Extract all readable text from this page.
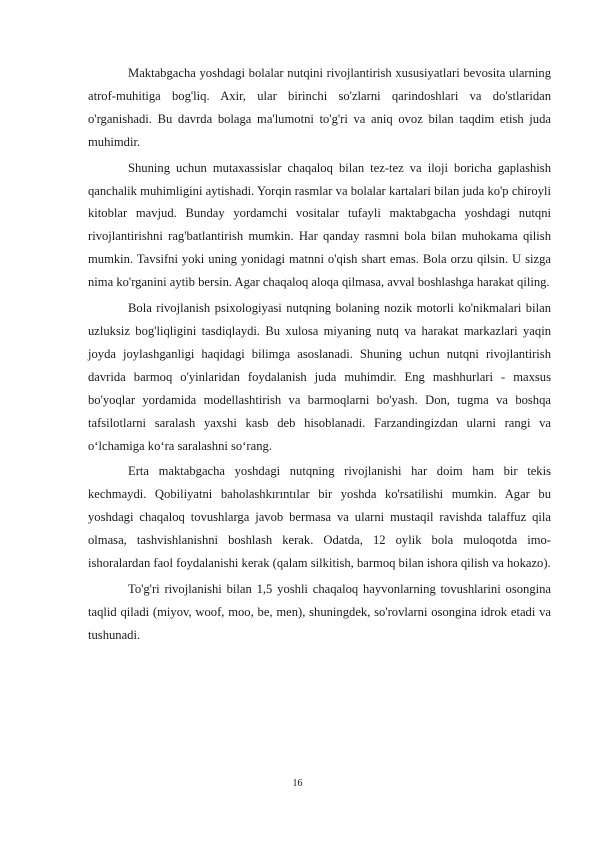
Maktabgacha yoshdagi bolalar nutqini rivojlantirish xususiyatlari bevosita ularning atrof-muhitiga bog'liq. Axir, ular birinchi so'zlarni qarindoshlari va do'stlaridan o'rganishadi. Bu davrda bolaga ma'lumotni to'g'ri va aniq ovoz bilan taqdim etish juda muhimdir.

Shuning uchun mutaxassislar chaqaloq bilan tez-tez va iloji boricha gaplashish qanchalik muhimligini aytishadi. Yorqin rasmlar va bolalar kartalari bilan juda ko'p chiroyli kitoblar mavjud. Bunday yordamchi vositalar tufayli maktabgacha yoshdagi nutqni rivojlantirishni rag'batlantirish mumkin. Har qanday rasmni bola bilan muhokama qilish mumkin. Tavsifni yoki uning yonidagi matnni o'qish shart emas. Bola orzu qilsin. U sizga nima ko'rganini aytib bersin. Agar chaqaloq aloqa qilmasa, avval boshlashga harakat qiling.

Bola rivojlanish psixologiyasi nutqning bolaning nozik motorli ko'nikmalari bilan uzluksiz bog'liqligini tasdiqlaydi. Bu xulosa miyaning nutq va harakat markazlari yaqin joyda joylashganligi haqidagi bilimga asoslanadi. Shuning uchun nutqni rivojlantirish davrida barmoq o'yinlaridan foydalanish juda muhimdir. Eng mashhurlari - maxsus bo'yoqlar yordamida modellashtirish va barmoqlarni bo'yash. Don, tugma va boshqa tafsilotlarni saralash yaxshi kasb deb hisoblanadi. Farzandingizdan ularni rangi va o‘lchamiga ko‘ra saralashni so‘rang.

Erta maktabgacha yoshdagi nutqning rivojlanishi har doim ham bir tekis kechmaydi. Qobiliyatni baholashkırıntılar bir yoshda ko'rsatilishi mumkin. Agar bu yoshdagi chaqaloq tovushlarga javob bermasa va ularni mustaqil ravishda talaffuz qila olmasa, tashvishlanishni boshlash kerak. Odatda, 12 oylik bola muloqotda imo-ishoralardan faol foydalanishi kerak (qalam silkitish, barmoq bilan ishora qilish va hokazo).

To'g'ri rivojlanishi bilan 1,5 yoshli chaqaloq hayvonlarning tovushlarini osongina taqlid qiladi (miyov, woof, moo, be, men), shuningdek, so'rovlarni osongina idrok etadi va tushunadi.

16
